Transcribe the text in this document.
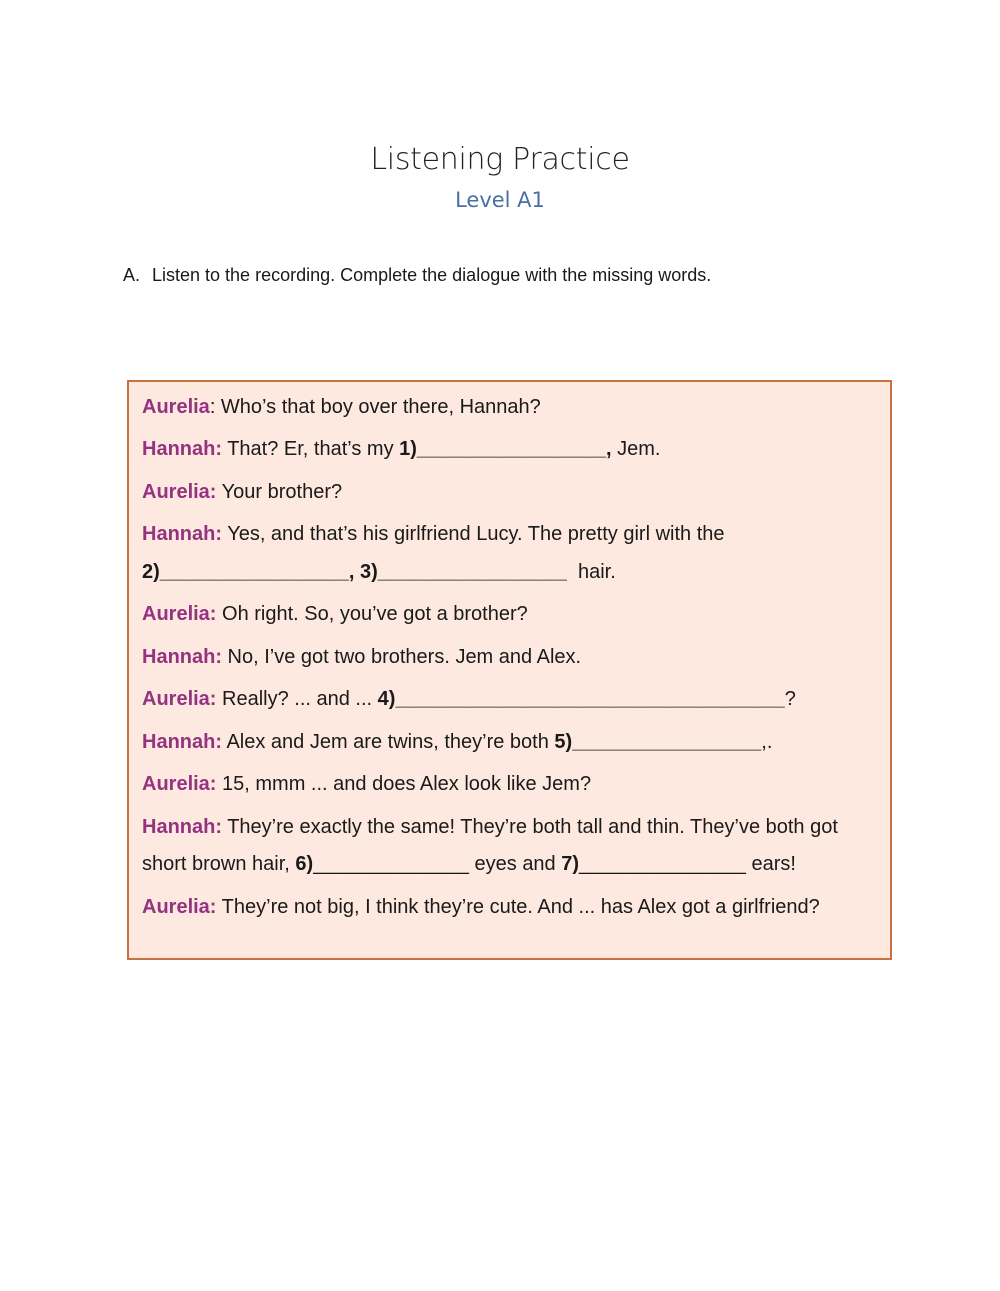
Listening Practice
Level A1
A. Listen to the recording. Complete the dialogue with the missing words.
Aurelia: Who’s that boy over there, Hannah?
Hannah: That? Er, that’s my 1)_________________, Jem.
Aurelia: Your brother?
Hannah: Yes, and that’s his girlfriend Lucy. The pretty girl with the
2)_________________, 3)_________________  hair.
Aurelia: Oh right. So, you’ve got a brother?
Hannah: No, I’ve got two brothers. Jem and Alex.
Aurelia: Really? ... and ... 4)___________________________________?
Hannah: Alex and Jem are twins, they’re both 5)_________________,.
Aurelia: 15, mmm ... and does Alex look like Jem?
Hannah: They’re exactly the same! They’re both tall and thin. They’ve both got
short brown hair, 6)______________ eyes and 7)_______________ ears!
Aurelia: They’re not big, I think they’re cute. And ... has Alex got a girlfriend?
